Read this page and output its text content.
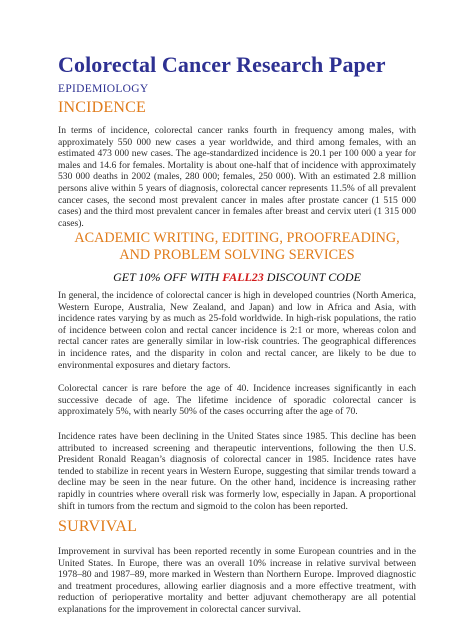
Colorectal Cancer Research Paper
EPIDEMIOLOGY
INCIDENCE
In terms of incidence, colorectal cancer ranks fourth in frequency among males, with approximately 550 000 new cases a year worldwide, and third among females, with an estimated 473 000 new cases. The age-standardized incidence is 20.1 per 100 000 a year for males and 14.6 for females. Mortality is about one-half that of incidence with approximately 530 000 deaths in 2002 (males, 280 000; females, 250 000). With an estimated 2.8 million persons alive within 5 years of diagnosis, colorectal cancer represents 11.5% of all prevalent cancer cases, the second most prevalent cancer in males after prostate cancer (1 515 000 cases) and the third most prevalent cancer in females after breast and cervix uteri (1 315 000 cases).
ACADEMIC WRITING, EDITING, PROOFREADING, AND PROBLEM SOLVING SERVICES
GET 10% OFF WITH FALL23 DISCOUNT CODE
In general, the incidence of colorectal cancer is high in developed countries (North America, Western Europe, Australia, New Zealand, and Japan) and low in Africa and Asia, with incidence rates varying by as much as 25-fold worldwide. In high-risk populations, the ratio of incidence between colon and rectal cancer incidence is 2:1 or more, whereas colon and rectal cancer rates are generally similar in low-risk countries. The geographical differences in incidence rates, and the disparity in colon and rectal cancer, are likely to be due to environmental exposures and dietary factors.
Colorectal cancer is rare before the age of 40. Incidence increases significantly in each successive decade of age. The lifetime incidence of sporadic colorectal cancer is approximately 5%, with nearly 50% of the cases occurring after the age of 70.
Incidence rates have been declining in the United States since 1985. This decline has been attributed to increased screening and therapeutic interventions, following the then U.S. President Ronald Reagan’s diagnosis of colorectal cancer in 1985. Incidence rates have tended to stabilize in recent years in Western Europe, suggesting that similar trends toward a decline may be seen in the near future. On the other hand, incidence is increasing rather rapidly in countries where overall risk was formerly low, especially in Japan. A proportional shift in tumors from the rectum and sigmoid to the colon has been reported.
SURVIVAL
Improvement in survival has been reported recently in some European countries and in the United States. In Europe, there was an overall 10% increase in relative survival between 1978–80 and 1987–89, more marked in Western than Northern Europe. Improved diagnostic and treatment procedures, allowing earlier diagnosis and a more effective treatment, with reduction of perioperative mortality and better adjuvant chemotherapy are all potential explanations for the improvement in colorectal cancer survival.
